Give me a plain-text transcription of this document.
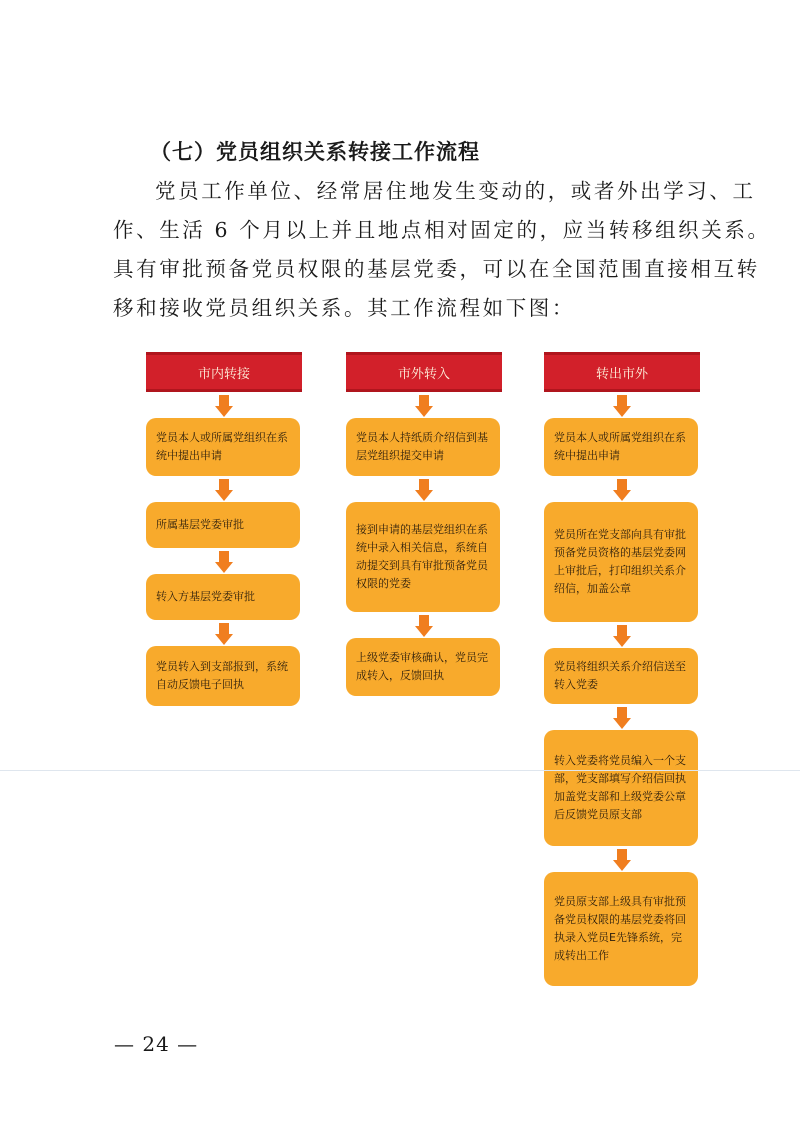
（七）党员组织关系转接工作流程
党员工作单位、经常居住地发生变动的，或者外出学习、工
作、生活 6 个月以上并且地点相对固定的，应当转移组织关系。
具有审批预备党员权限的基层党委，可以在全国范围直接相互转
移和接收党员组织关系。其工作流程如下图：
市内转接
党员本人或所属党组织在系统中提出申请
所属基层党委审批
转入方基层党委审批
党员转入到支部报到，系统自动反馈电子回执
市外转入
党员本人持纸质介绍信到基层党组织提交申请
接到申请的基层党组织在系统中录入相关信息，系统自动提交到具有审批预备党员权限的党委
上级党委审核确认，党员完成转入，反馈回执
转出市外
党员本人或所属党组织在系统中提出申请
党员所在党支部向具有审批预备党员资格的基层党委网上审批后，打印组织关系介绍信，加盖公章
党员将组织关系介绍信送至转入党委
转入党委将党员编入一个支部，党支部填写介绍信回执加盖党支部和上级党委公章后反馈党员原支部
党员原支部上级具有审批预备党员权限的基层党委将回执录入党员E先锋系统，完成转出工作
— 24 —
